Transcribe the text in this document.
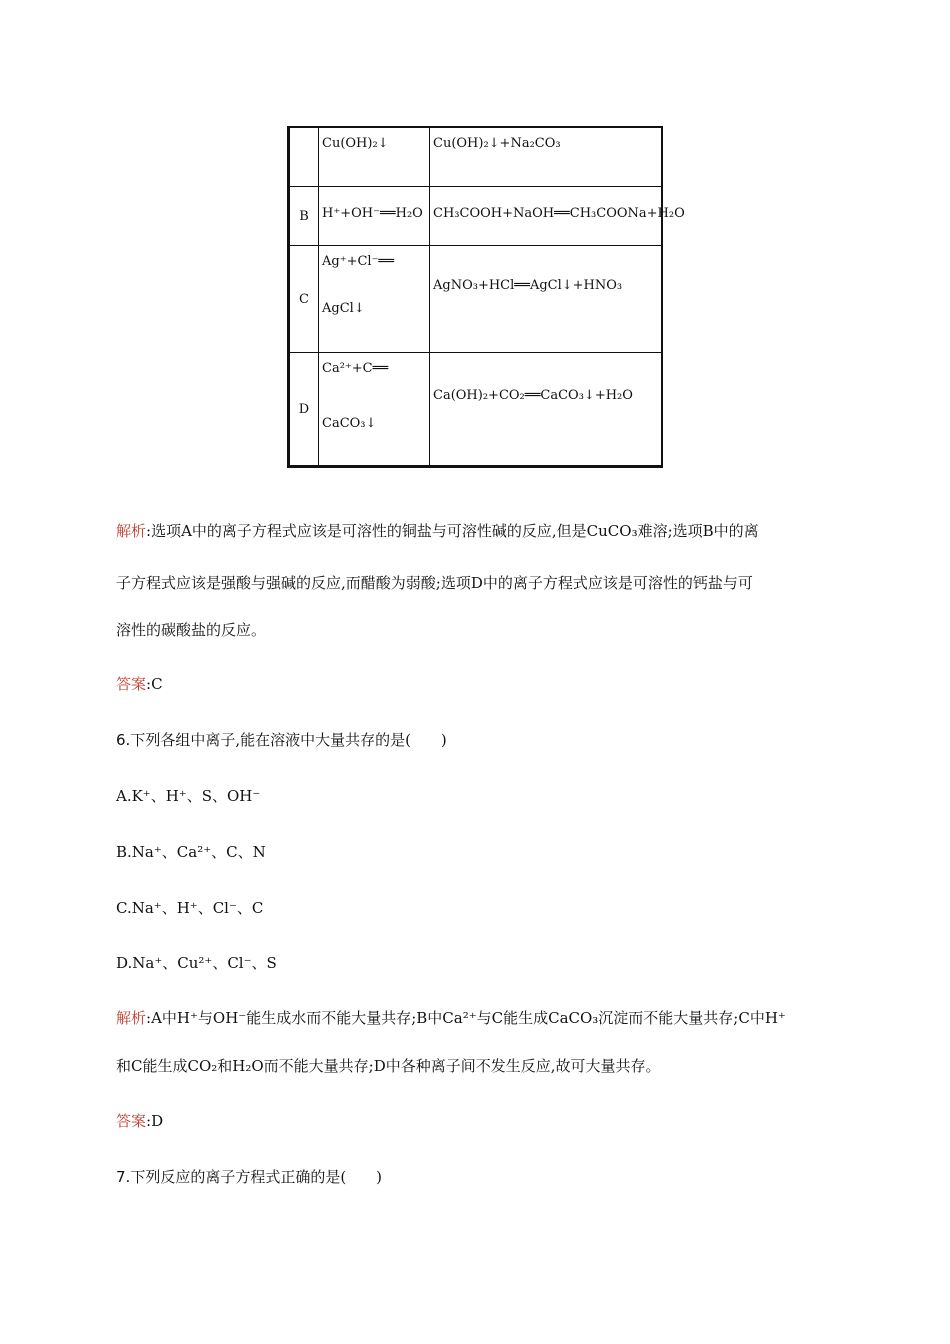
Cu(OH)₂↓	Cu(OH)₂↓+Na₂CO₃
B	H⁺+OH⁻══H₂O CH₃COOH+NaOH══CH₃COONa+H₂O
C
Ag⁺+Cl⁻══
AgCl↓
AgNO₃+HCl══AgCl↓+HNO₃
D
Ca²⁺+C══
CaCO₃↓
Ca(OH)₂+CO₂══CaCO₃↓+H₂O
解析:选项A中的离子方程式应该是可溶性的铜盐与可溶性碱的反应,但是CuCO₃难溶;选项B中的离
子方程式应该是强酸与强碱的反应,而醋酸为弱酸;选项D中的离子方程式应该是可溶性的钙盐与可
溶性的碳酸盐的反应。
答案:C
6.下列各组中离子,能在溶液中大量共存的是(　　)
A.K⁺、H⁺、S、OH⁻
B.Na⁺、Ca²⁺、C、N
C.Na⁺、H⁺、Cl⁻、C
D.Na⁺、Cu²⁺、Cl⁻、S
解析:A中H⁺与OH⁻能生成水而不能大量共存;B中Ca²⁺与C能生成CaCO₃沉淀而不能大量共存;C中H⁺
和C能生成CO₂和H₂O而不能大量共存;D中各种离子间不发生反应,故可大量共存。
答案:D
7.下列反应的离子方程式正确的是(　　)
